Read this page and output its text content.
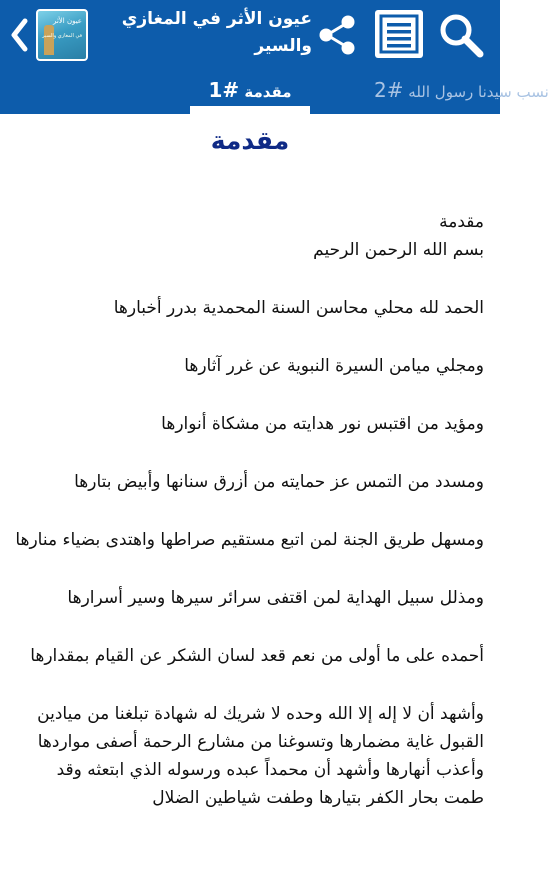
عيون الأثر
في المغازي والسير
عيون الأثر في المغازي والسير
مقدمة #1	نسب سيدنا رسول الله #2
مقدمة

مقدمة

بسم الله الرحمن الرحيم

الحمد لله محلي محاسن السنة المحمدية بدرر أخبارها

ومجلي ميامن السيرة النبوية عن غرر آثارها

ومؤيد من اقتبس نور هدايته من مشكاة أنوارها

ومسدد من التمس عز حمايته من أزرق سنانها وأبيض بتارها

ومسهل طريق الجنة لمن اتبع مستقيم صراطها واهتدى بضياء منارها

ومذلل سبيل الهداية لمن اقتفى سرائر سيرها وسير أسرارها

أحمده على ما أولى من نعم قعد لسان الشكر عن القيام بمقدارها

وأشهد أن لا إله إلا الله وحده لا شريك له شهادة تبلغنا من ميادين القبول غاية مضمارها وتسوغنا من مشارع الرحمة أصفى مواردها وأعذب أنهارها وأشهد أن محمداً عبده ورسوله الذي ابتعثه وقد طمت بحار الكفر بتيارها وطفت شياطين الضلال
